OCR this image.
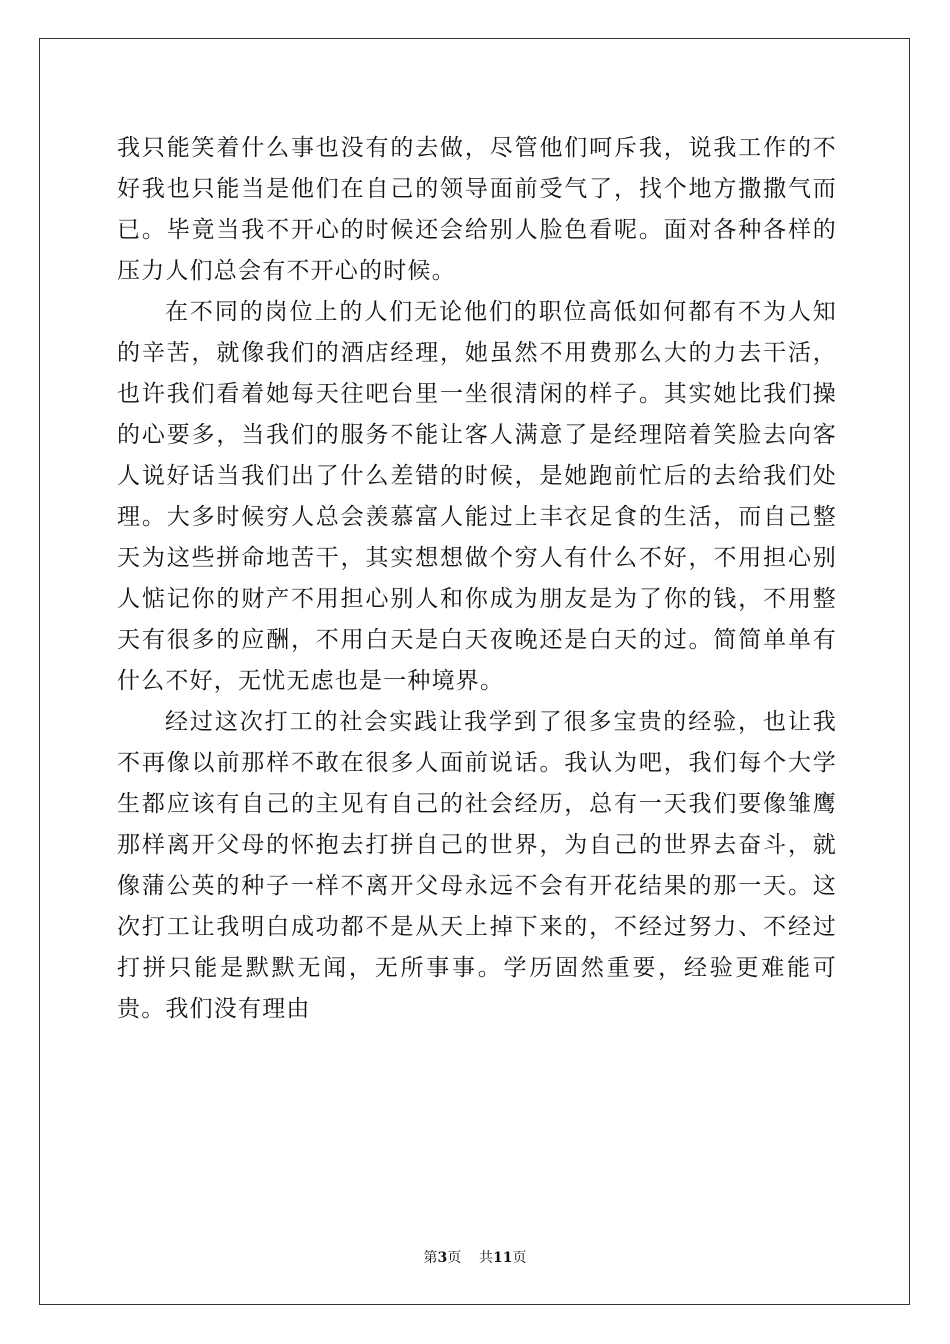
我只能笑着什么事也没有的去做，尽管他们呵斥我，说我工作的不好我也只能当是他们在自己的领导面前受气了，找个地方撒撒气而已。毕竟当我不开心的时候还会给别人脸色看呢。面对各种各样的压力人们总会有不开心的时候。

在不同的岗位上的人们无论他们的职位高低如何都有不为人知的辛苦，就像我们的酒店经理，她虽然不用费那么大的力去干活，也许我们看着她每天往吧台里一坐很清闲的样子。其实她比我们操的心要多，当我们的服务不能让客人满意了是经理陪着笑脸去向客人说好话当我们出了什么差错的时候，是她跑前忙后的去给我们处理。大多时候穷人总会羡慕富人能过上丰衣足食的生活，而自己整天为这些拼命地苦干，其实想想做个穷人有什么不好，不用担心别人惦记你的财产不用担心别人和你成为朋友是为了你的钱，不用整天有很多的应酬，不用白天是白天夜晚还是白天的过。简简单单有什么不好，无忧无虑也是一种境界。

经过这次打工的社会实践让我学到了很多宝贵的经验，也让我不再像以前那样不敢在很多人面前说话。我认为吧，我们每个大学生都应该有自己的主见有自己的社会经历，总有一天我们要像雏鹰那样离开父母的怀抱去打拼自己的世界，为自己的世界去奋斗，就像蒲公英的种子一样不离开父母永远不会有开花结果的那一天。这次打工让我明白成功都不是从天上掉下来的，不经过努力、不经过打拼只能是默默无闻，无所事事。学历固然重要，经验更难能可贵。我们没有理由

第3页 共11页
